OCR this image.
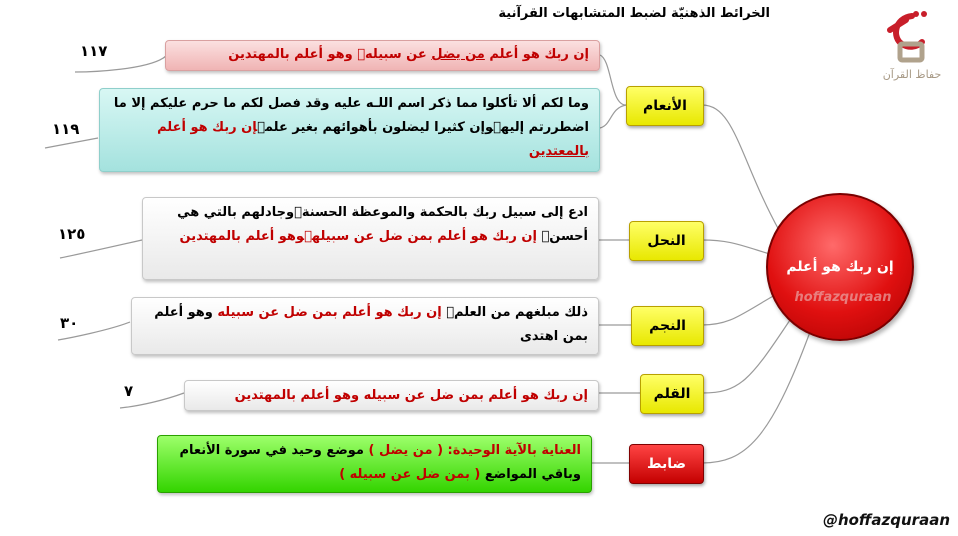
الخرائط الذهنيّة لضبط المتشابهات القرآنية
حفاظ القرآن
إن ربك هو أعلم
hoffazquraan
الأنعام
إن ربك هو أعلم من يضل عن سبيله وهو أعلم بالمهتدين
١١٧
وما لكم ألا تأكلوا مما ذكر اسم اللـه عليه وقد فصل لكم ما حرم عليكم إلا ما اضطررتم إليهوإن كثيرا ليضلون بأهوائهم بغير علمإن ربك هو أعلم بالمعتدين
١١٩
النحل
ادع إلى سبيل ربك بالحكمة والموعظة الحسنةوجادلهم بالتي هي أحسن إن ربك هو أعلم بمن ضل عن سبيلهوهو أعلم بالمهتدين
١٢٥
النجم
ذلك مبلغهم من العلم إن ربك هو أعلم بمن ضل عن سبيله وهو أعلم بمن اهتدى
٣٠
القلم
إن ربك هو أعلم بمن ضل عن سبيله وهو أعلم بالمهتدين
٧
ضابط
العناية بالآية الوحيدة: ( من يضل ) موضع وحيد في سورة الأنعام وباقي المواضع ( بمن ضل عن سبيله )
@hoffazquraan
